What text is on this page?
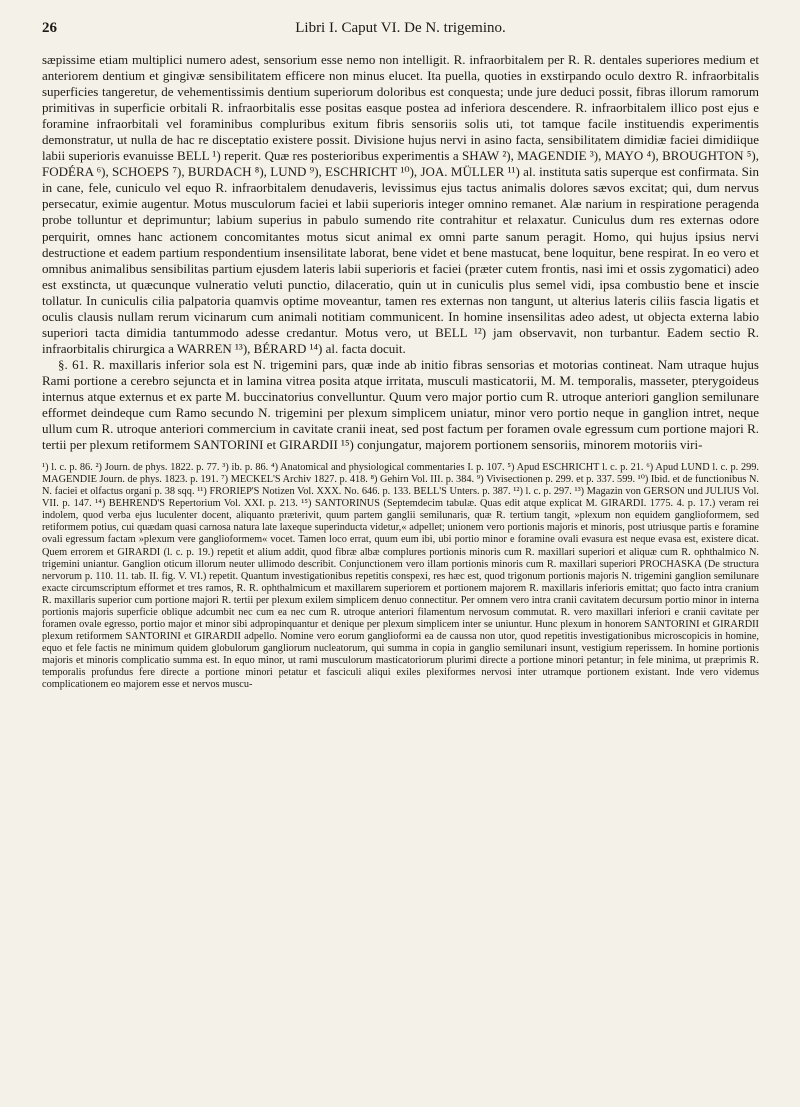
26	Libri I. Caput VI. De N. trigemino.

sæpissime etiam multiplici numero adest, sensorium esse nemo non intelligit. R. infraorbitalem per R. R. dentales superiores medium et anteriorem dentium et gingivæ sensibilitatem efficere non minus elucet. Ita puella, quoties in exstirpando oculo dextro R. infraorbitalis superficies tangeretur, de vehementissimis dentium superiorum doloribus est conquesta; unde jure deduci possit, fibras illorum ramorum primitivas in superficie orbitali R. infraorbitalis esse positas easque postea ad inferiora descendere. R. infraorbitalem illico post ejus e foramine infraorbitali vel foraminibus compluribus exitum fibris sensoriis solis uti, tot tamque facile instituendis experimentis demonstratur, ut nulla de hac re disceptatio existere possit. Divisione hujus nervi in asino facta, sensibilitatem dimidiæ faciei dimidiique labii superioris evanuisse BELL ¹) reperit. Quæ res posterioribus experimentis a SHAW ²), MAGENDIE ³), MAYO ⁴), BROUGHTON ⁵), FODÉRA ⁶), SCHOEPS ⁷), BURDACH ⁸), LUND ⁹), ESCHRICHT ¹⁰), JOA. MÜLLER ¹¹) al. instituta satis superque est confirmata. Sin in cane, fele, cuniculo vel equo R. infraorbitalem denudaveris, levissimus ejus tactus animalis dolores sævos excitat; qui, dum nervus persecatur, eximie augentur. Motus musculorum faciei et labii superioris integer omnino remanet. Alæ narium in respiratione peragenda probe tolluntur et deprimuntur; labium superius in pabulo sumendo rite contrahitur et relaxatur. Cuniculus dum res externas odore perquirit, omnes hanc actionem concomitantes motus sicut animal ex omni parte sanum peragit. Homo, qui hujus ipsius nervi destructione et eadem partium respondentium insensilitate laborat, bene videt et bene mastucat, bene loquitur, bene respirat. In eo vero et omnibus animalibus sensibilitas partium ejusdem lateris labii superioris et faciei (præter cutem frontis, nasi imi et ossis zygomatici) adeo est exstincta, ut quæcunque vulneratio veluti punctio, dilaceratio, quin ut in cuniculis plus semel vidi, ipsa combustio bene et inscie tollatur. In cuniculis cilia palpatoria quamvis optime moveantur, tamen res externas non tangunt, ut alterius lateris ciliis fascia ligatis et oculis clausis nullam rerum vicinarum cum animali notitiam communicent. In homine insensilitas adeo adest, ut objecta externa labio superiori tacta dimidia tantummodo adesse credantur. Motus vero, ut BELL ¹²) jam observavit, non turbantur. Eadem sectio R. infraorbitalis chirurgica a WARREN ¹³), BÉRARD ¹⁴) al. facta docuit.

§. 61. R. maxillaris inferior sola est N. trigemini pars, quæ inde ab initio fibras sensorias et motorias contineat. Nam utraque hujus Rami portione a cerebro sejuncta et in lamina vitrea posita atque irritata, musculi masticatorii, M. M. temporalis, masseter, pterygoideus internus atque externus et ex parte M. buccinatorius convelluntur. Quum vero major portio cum R. utroque anteriori ganglion semilunare efformet deindeque cum Ramo secundo N. trigemini per plexum simplicem uniatur, minor vero portio neque in ganglion intret, neque ullum cum R. utroque anteriori commercium in cavitate cranii ineat, sed post factum per foramen ovale egressum cum portione majori R. tertii per plexum retiformem SANTORINI et GIRARDII ¹⁵) conjungatur, majorem portionem sensoriis, minorem motoriis viri-

¹) l. c. p. 86. ²) Journ. de phys. 1822. p. 77. ³) ib. p. 86. ⁴) Anatomical and physiological commentaries I. p. 107. ⁵) Apud ESCHRICHT l. c. p. 21. ⁶) Apud LUND l. c. p. 299. MAGENDIE Journ. de phys. 1823. p. 191. ⁷) MECKEL'S Archiv 1827. p. 418. ⁸) Gehirn Vol. III. p. 384. ⁹) Vivisectionen p. 299. et p. 337. 599. ¹⁰) Ibid. et de functionibus N. N. faciei et olfactus organi p. 38 sqq. ¹¹) FRORIEP'S Notizen Vol. XXX. No. 646. p. 133. BELL'S Unters. p. 387. ¹²) l. c. p. 297. ¹³) Magazin von GERSON und JULIUS Vol. VII. p. 147. ¹⁴) BEHREND'S Repertorium Vol. XXI. p. 213. ¹⁵) SANTORINUS (Septemdecim tabulæ. Quas edit atque explicat M. GIRARDI. 1775. 4. p. 17.) veram rei indolem, quod verba ejus luculenter docent, aliquanto præterivit, quum partem ganglii semilunaris, quæ R. tertium tangit, »plexum non equidem ganglioformem, sed retiformem potius, cui quædam quasi carnosa natura late laxeque superinducta videtur,« adpellet; unionem vero portionis majoris et minoris, post utriusque partis e foramine ovali egressum factam »plexum vere ganglioformem« vocet. Tamen loco errat, quum eum ibi, ubi portio minor e foramine ovali evasura est neque evasa est, existere dicat. Quem errorem et GIRARDI (l. c. p. 19.) repetit et alium addit, quod fibræ albæ complures portionis minoris cum R. maxillari superiori et aliquæ cum R. ophthalmico N. trigemini uniantur. Ganglion oticum illorum neuter ullimodo describit. Conjunctionem vero illam portionis minoris cum R. maxillari superiori PROCHASKA (De structura nervorum p. 110. 11. tab. II. fig. V. VI.) repetit. Quantum investigationibus repetitis conspexi, res hæc est, quod trigonum portionis majoris N. trigemini ganglion semilunare exacte circumscriptum efformet et tres ramos, R. R. ophthalmicum et maxillarem superiorem et portionem majorem R. maxillaris inferioris emittat; quo facto intra cranium R. maxillaris superior cum portione majori R. tertii per plexum exilem simplicem denuo connectitur. Per omnem vero intra cranii cavitatem decursum portio minor in interna portionis majoris superficie oblique adcumbit nec cum ea nec cum R. utroque anteriori filamentum nervosum commutat. R. vero maxillari inferiori e cranii cavitate per foramen ovale egresso, portio major et minor sibi adpropinquantur et denique per plexum simplicem inter se uniuntur. Hunc plexum in honorem SANTORINI et GIRARDII plexum retiformem SANTORINI et GIRARDII adpello. Nomine vero eorum ganglioformi ea de caussa non utor, quod repetitis investigationibus microscopicis in homine, equo et fele factis ne minimum quidem globulorum gangliorum nucleatorum, qui summa in copia in ganglio semilunari insunt, vestigium reperissem. In homine portionis majoris et minoris complicatio summa est. In equo minor, ut rami musculorum masticatoriorum plurimi directe a portione minori petantur; in fele minima, ut præprimis R. temporalis profundus fere directe a portione minori petatur et fasciculi aliqui exiles plexiformes nervosi inter utramque portionem existant. Inde vero videmus complicationem eo majorem esse et nervos muscu-
